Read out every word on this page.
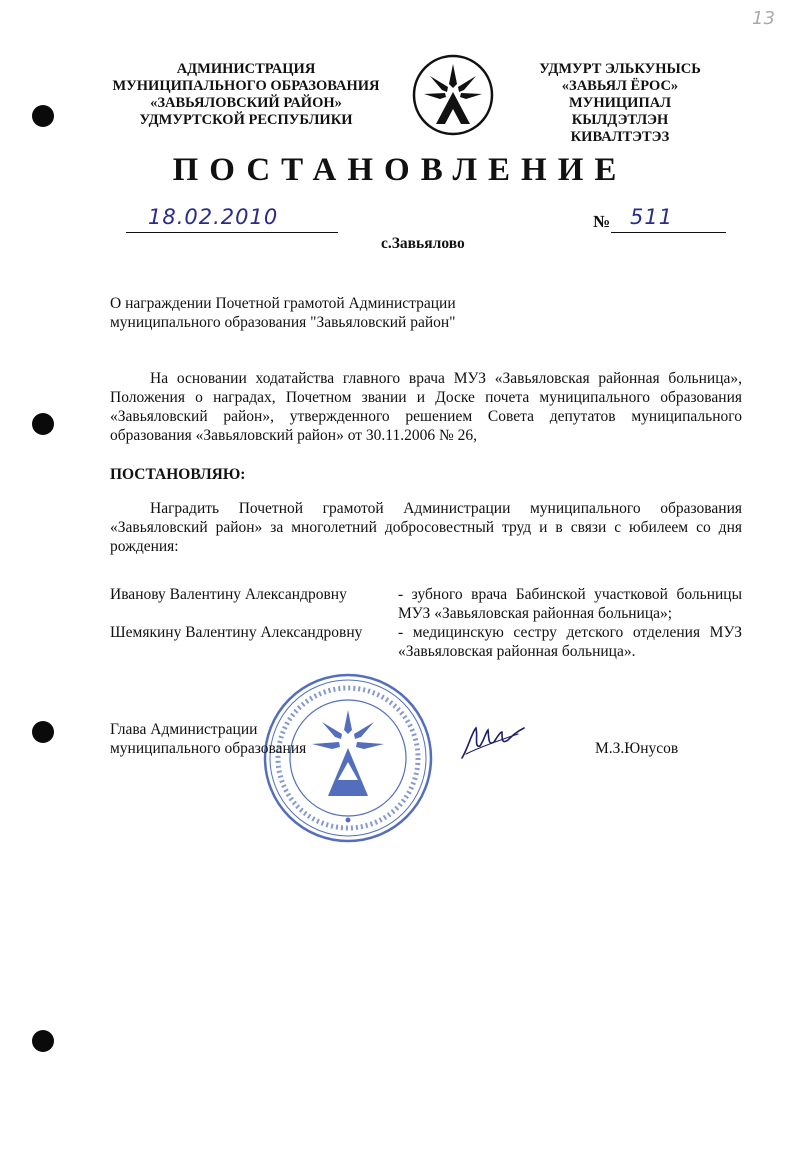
13
АДМИНИСТРАЦИЯ
МУНИЦИПАЛЬНОГО ОБРАЗОВАНИЯ
«ЗАВЬЯЛОВСКИЙ РАЙОН»
УДМУРТСКОЙ РЕСПУБЛИКИ
УДМУРТ ЭЛЬКУНЫСЬ
«ЗАВЬЯЛ ЁРОС»
МУНИЦИПАЛ КЫЛДЭТЛЭН
КИВАЛТЭТЭЗ
ПОСТАНОВЛЕНИЕ
18.02.2010	№ 511
с.Завьялово
О награждении Почетной грамотой Администрации
муниципального образования "Завьяловский район"
На основании ходатайства главного врача МУЗ «Завьяловская районная больница»,
Положения о наградах, Почетном звании и Доске почета муниципального образования
«Завьяловский район», утвержденного решением Совета депутатов муниципального
образования «Завьяловский район» от 30.11.2006 № 26,
ПОСТАНОВЛЯЮ:
Наградить Почетной грамотой Администрации муниципального образования
«Завьяловский район» за многолетний добросовестный труд и в связи с юбилеем со дня
рождения:
Иванову Валентину Александровну	- зубного врача Бабинской участковой больницы
МУЗ «Завьяловская районная больница»;
Шемякину Валентину Александровну - медицинскую сестру детского отделения МУЗ
«Завьяловская районная больница».
Глава Администрации
муниципального образования	М.З.Юнусов
